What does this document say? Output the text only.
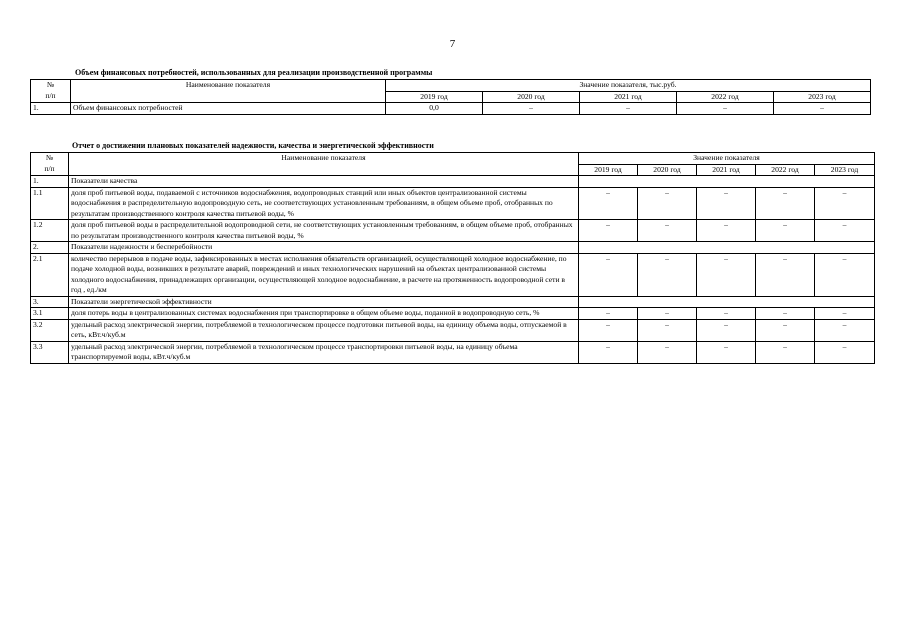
7
Объем финансовых потребностей, использованных для реализации производственной программы
№
п/п	Наименование показателя	Значение показателя, тыс.руб.				
		2019 год	2020 год	2021 год	2022 год	2023 год
1.	Объем финансовых потребностей	0,0	–	–	–	–
Отчет о достижении плановых показателей надежности, качества и энергетической эффективности
№
п/п	Наименование показателя	Значение показателя				
		2019 год	2020 год	2021 год	2022 год	2023 год
1.	Показатели качества					
1.1	доля проб питьевой воды, подаваемой с источников водоснабжения, водопроводных станций или иных объектов централизованной системы водоснабжения в распределительную водопроводную сеть, не соответствующих установленным требованиям, в общем объеме проб, отобранных по результатам производственного контроля качества питьевой воды, %	–	–	–	–	–
1.2	доля проб питьевой воды в распределительной водопроводной сети, не соответствующих установленным требованиям, в общем объеме проб, отобранных по результатам производственного контроля качества питьевой воды, %	–	–	–	–	–
2.	Показатели надежности и бесперебойности					
2.1	количество перерывов в подаче воды, зафиксированных в местах исполнения обязательств организацией, осуществляющей холодное водоснабжение, по подаче холодной воды, возникших в результате аварий, повреждений и иных технологических нарушений на объектах централизованной системы холодного водоснабжения, принадлежащих организации, осуществляющей холодное водоснабжение, в расчете на протяженность водопроводной сети в год , ед./км	–	–	–	–	–
3.	Показатели энергетической эффективности					
3.1	доля потерь воды в централизованных системах водоснабжения при транспортировке в общем объеме воды, поданной в водопроводную сеть, %	–	–	–	–	–
3.2	удельный расход электрической энергии, потребляемой в технологическом процессе подготовки питьевой воды, на единицу объема воды, отпускаемой в сеть, кВт.ч/куб.м	–	–	–	–	–
3.3	удельный расход электрической энергии, потребляемой в технологическом процессе транспортировки питьевой воды, на единицу объема транспортируемой воды, кВт.ч/куб.м	–	–	–	–	–
